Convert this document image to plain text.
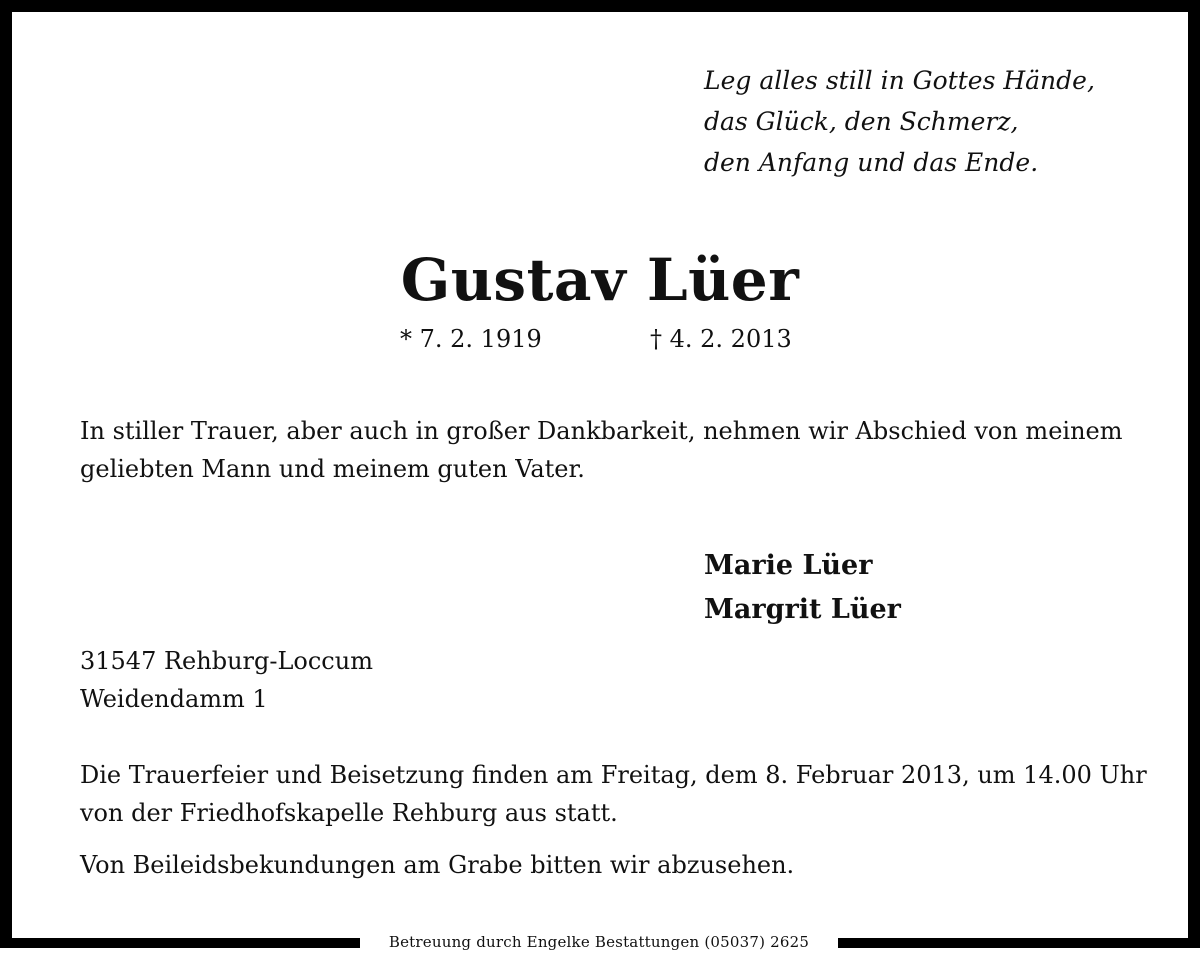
Leg alles still in Gottes Hände,
das Glück, den Schmerz,
den Anfang und das Ende.
Gustav Lüer
* 7. 2. 1919	† 4. 2. 2013
In stiller Trauer, aber auch in großer Dankbarkeit, nehmen wir Abschied von meinem geliebten Mann und meinem guten Vater.
Marie Lüer
Margrit Lüer
31547 Rehburg-Loccum
Weidendamm 1
Die Trauerfeier und Beisetzung finden am Freitag, dem 8. Februar 2013, um 14.00 Uhr von der Friedhofskapelle Rehburg aus statt.
Von Beileidsbekundungen am Grabe bitten wir abzusehen.
Betreuung durch Engelke Bestattungen (05037) 2625
